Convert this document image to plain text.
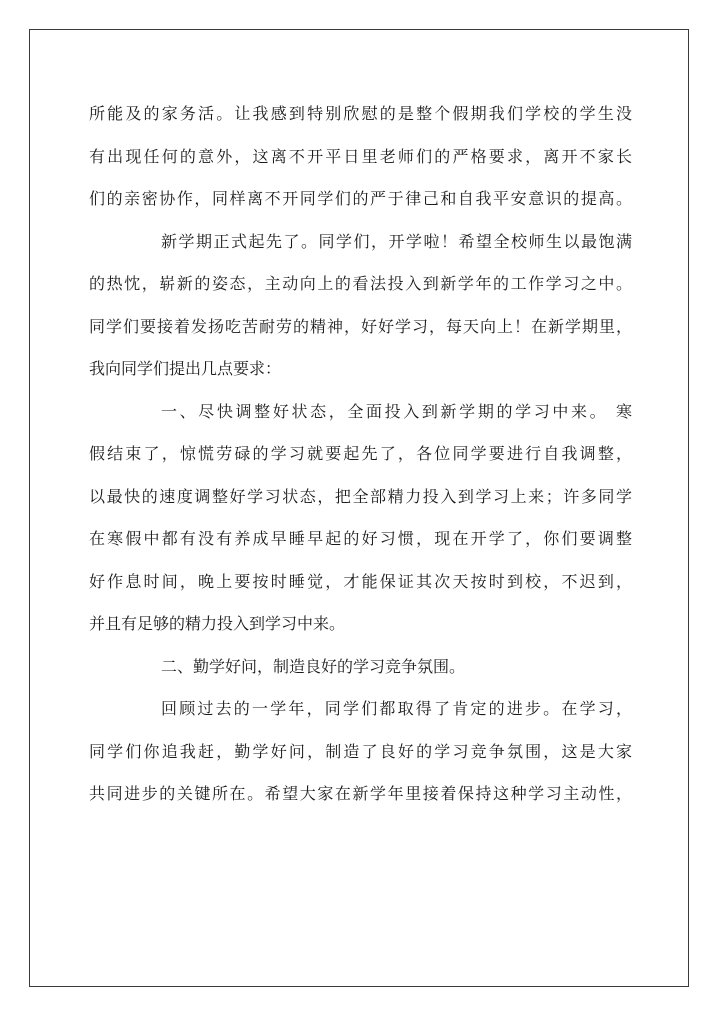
所能及的家务活。让我感到特别欣慰的是整个假期我们学校的学生没
有出现任何的意外，这离不开平日里老师们的严格要求，离开不家长
们的亲密协作，同样离不开同学们的严于律己和自我平安意识的提高。
新学期正式起先了。同学们，开学啦！希望全校师生以最饱满
的热忱，崭新的姿态，主动向上的看法投入到新学年的工作学习之中。
同学们要接着发扬吃苦耐劳的精神，好好学习，每天向上！在新学期里，
我向同学们提出几点要求：
一、尽快调整好状态，全面投入到新学期的学习中来。 寒
假结束了，惊慌劳碌的学习就要起先了，各位同学要进行自我调整，
以最快的速度调整好学习状态，把全部精力投入到学习上来；许多同学
在寒假中都有没有养成早睡早起的好习惯，现在开学了，你们要调整
好作息时间，晚上要按时睡觉，才能保证其次天按时到校，不迟到，
并且有足够的精力投入到学习中来。
二、勤学好问，制造良好的学习竞争氛围。
回顾过去的一学年，同学们都取得了肯定的进步。在学习，
同学们你追我赶，勤学好问，制造了良好的学习竞争氛围，这是大家
共同进步的关键所在。希望大家在新学年里接着保持这种学习主动性，
